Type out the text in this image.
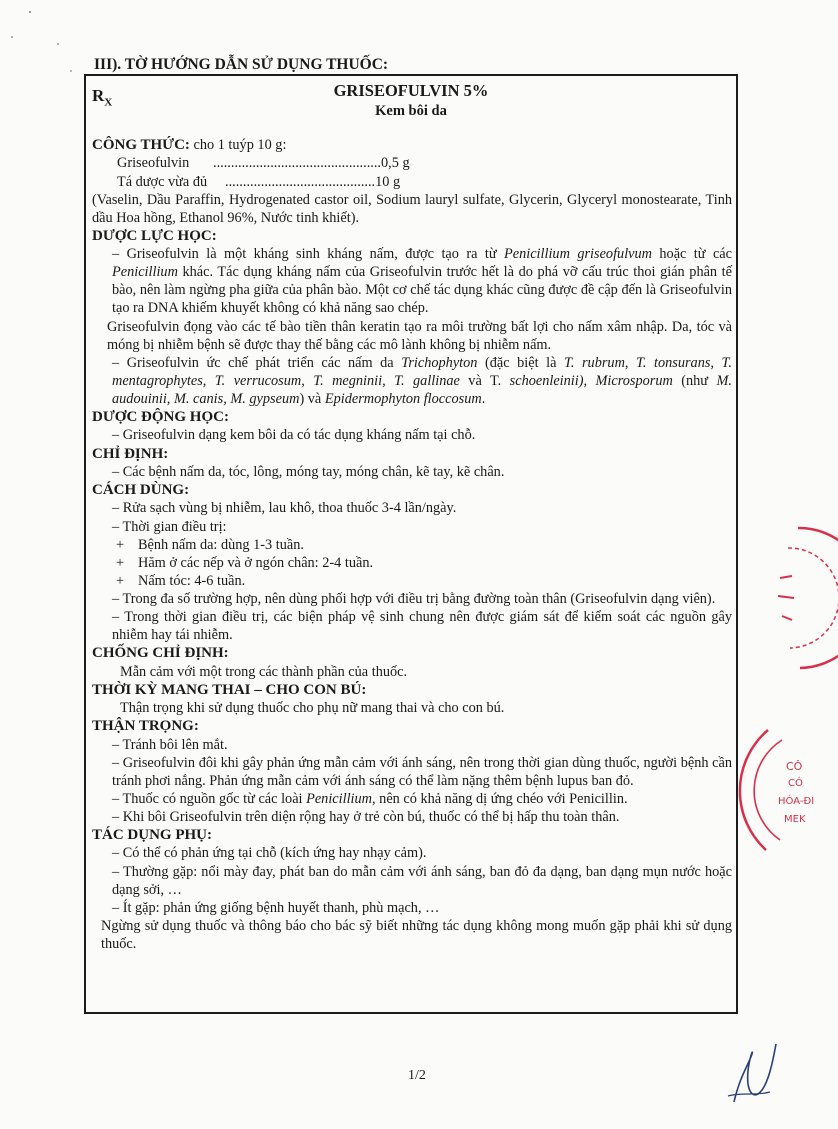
III). TỜ HƯỚNG DẪN SỬ DỤNG THUỐC:
$R_X$
GRISEOFULVIN 5%
Kem bôi da

CÔNG THỨC: cho 1 tuýp 10 g:

Griseofulvin ...............................................0,5 g

Tá dược vừa đủ ..........................................10 g

(Vaselin, Dầu Paraffin, Hydrogenated castor oil, Sodium lauryl sulfate, Glycerin, Glyceryl monostearate, Tinh dầu Hoa hồng, Ethanol 96%, Nước tinh khiết).

DƯỢC LỰC HỌC:

– Griseofulvin là một kháng sinh kháng nấm, được tạo ra từ Penicillium griseofulvum hoặc từ các Penicillium khác. Tác dụng kháng nấm của Griseofulvin trước hết là do phá vỡ cấu trúc thoi gián phân tế bào, nên làm ngừng pha giữa của phân bào. Một cơ chế tác dụng khác cũng được đề cập đến là Griseofulvin tạo ra DNA khiếm khuyết không có khả năng sao chép.

Griseofulvin đọng vào các tế bào tiền thân keratin tạo ra môi trường bất lợi cho nấm xâm nhập. Da, tóc và móng bị nhiễm bệnh sẽ được thay thế bằng các mô lành không bị nhiễm nấm.

– Griseofulvin ức chế phát triển các nấm da Trichophyton (đặc biệt là T. rubrum, T. tonsurans, T. mentagrophytes, T. verrucosum, T. megninii, T. gallinae và T. schoenleinii), Microsporum (như M. audouinii, M. canis, M. gypseum) và Epidermophyton floccosum.

DƯỢC ĐỘNG HỌC:

– Griseofulvin dạng kem bôi da có tác dụng kháng nấm tại chỗ.

CHỈ ĐỊNH:

– Các bệnh nấm da, tóc, lông, móng tay, móng chân, kẽ tay, kẽ chân.

CÁCH DÙNG:

– Rửa sạch vùng bị nhiễm, lau khô, thoa thuốc 3-4 lần/ngày.

– Thời gian điều trị:

+ Bệnh nấm da: dùng 1-3 tuần.

+ Hăm ở các nếp và ở ngón chân: 2-4 tuần.

+ Nấm tóc: 4-6 tuần.

– Trong đa số trường hợp, nên dùng phối hợp với điều trị bằng đường toàn thân (Griseofulvin dạng viên).

– Trong thời gian điều trị, các biện pháp vệ sinh chung nên được giám sát để kiểm soát các nguồn gây nhiễm hay tái nhiễm.

CHỐNG CHỈ ĐỊNH:

Mẫn cảm với một trong các thành phần của thuốc.

THỜI KỲ MANG THAI – CHO CON BÚ:

Thận trọng khi sử dụng thuốc cho phụ nữ mang thai và cho con bú.

THẬN TRỌNG:

– Tránh bôi lên mắt.

– Griseofulvin đôi khi gây phản ứng mẫn cảm với ánh sáng, nên trong thời gian dùng thuốc, người bệnh cần tránh phơi nắng. Phản ứng mẫn cảm với ánh sáng có thể làm nặng thêm bệnh lupus ban đỏ.

– Thuốc có nguồn gốc từ các loài Penicillium, nên có khả năng dị ứng chéo với Penicillin.

– Khi bôi Griseofulvin trên diện rộng hay ở trẻ còn bú, thuốc có thể bị hấp thu toàn thân.

TÁC DỤNG PHỤ:

– Có thể có phản ứng tại chỗ (kích ứng hay nhạy cảm).

– Thường gặp: nổi mày đay, phát ban do mẫn cảm với ánh sáng, ban đỏ đa dạng, ban dạng mụn nước hoặc dạng sởi, …

– Ít gặp: phản ứng giống bệnh huyết thanh, phù mạch, …

Ngừng sử dụng thuốc và thông báo cho bác sỹ biết những tác dụng không mong muốn gặp phải khi sử dụng thuốc.

1/2
CÔ
CÓ
HÓA-ĐI
MEK
